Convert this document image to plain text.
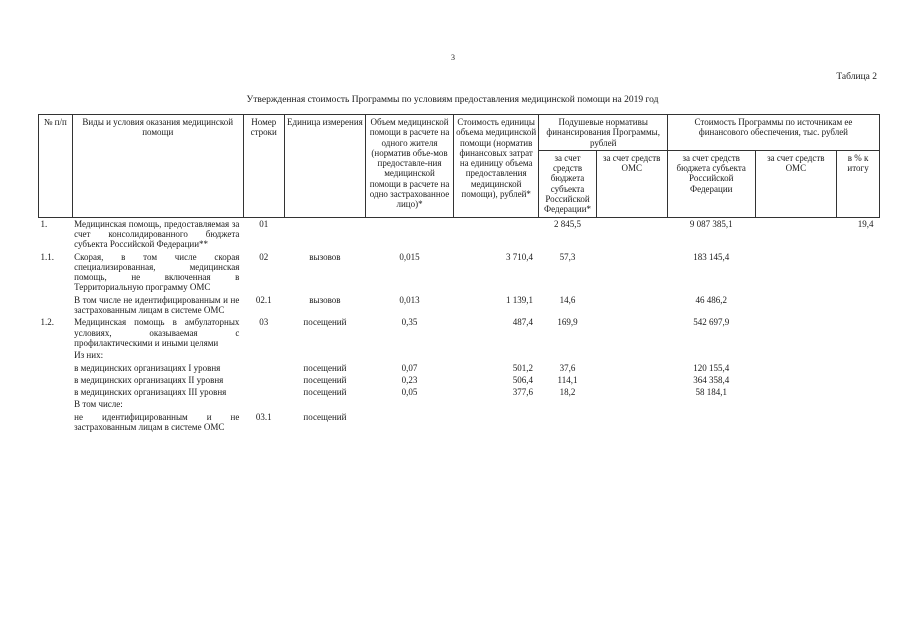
3
Таблица 2
Утвержденная стоимость Программы по условиям предоставления медицинской помощи на 2019 год
№ п/п	Виды и условия оказания медицинской помощи	Номер строки	Единица измерения	Объем медицинской помощи в расчете на одного жителя (норматив объе-мов предоставле-ния медицинской помощи в расчете на одно застрахованное лицо)*	Стоимость единицы объема медицинской помощи (норматив финансовых затрат на единицу объема предоставления медицинской помощи), рублей*	Подушевые нормативы финансирования Программы, рублей		Стоимость Программы по источникам ее финансового обеспечения, тыс. рублей		
						за счет средств бюджета субъекта Российской Федерации*	за счет средств ОМС	за счет средств бюджета субъекта Российской Федерации	за счет средств ОМС	в % к итогу
1.	Медицинская помощь, предоставляемая за счет консолидированного бюджета субъекта Российской Федерации**	01				2 845,5		9 087 385,1		19,4
1.1.	Скорая, в том числе скорая специализированная, медицинская помощь, не включенная в Территориальную программу ОМС	02	вызовов	0,015	3 710,4	57,3		183 145,4		
	В том числе не идентифицированным и не застрахованным лицам в системе ОМС	02.1	вызовов	0,013	1 139,1	14,6		46 486,2		
1.2.	Медицинская помощь в амбулаторных условиях, оказываемая с профилактическими и иными целями	03	посещений	0,35	487,4	169,9		542 697,9		
	Из них:									
	в медицинских организациях I уровня		посещений	0,07	501,2	37,6		120 155,4		
	в медицинских организациях II уровня		посещений	0,23	506,4	114,1		364 358,4		
	в медицинских организациях III уровня		посещений	0,05	377,6	18,2		58 184,1		
	В том числе:									
	не идентифицированным и не застрахованным лицам в системе ОМС	03.1	посещений							
